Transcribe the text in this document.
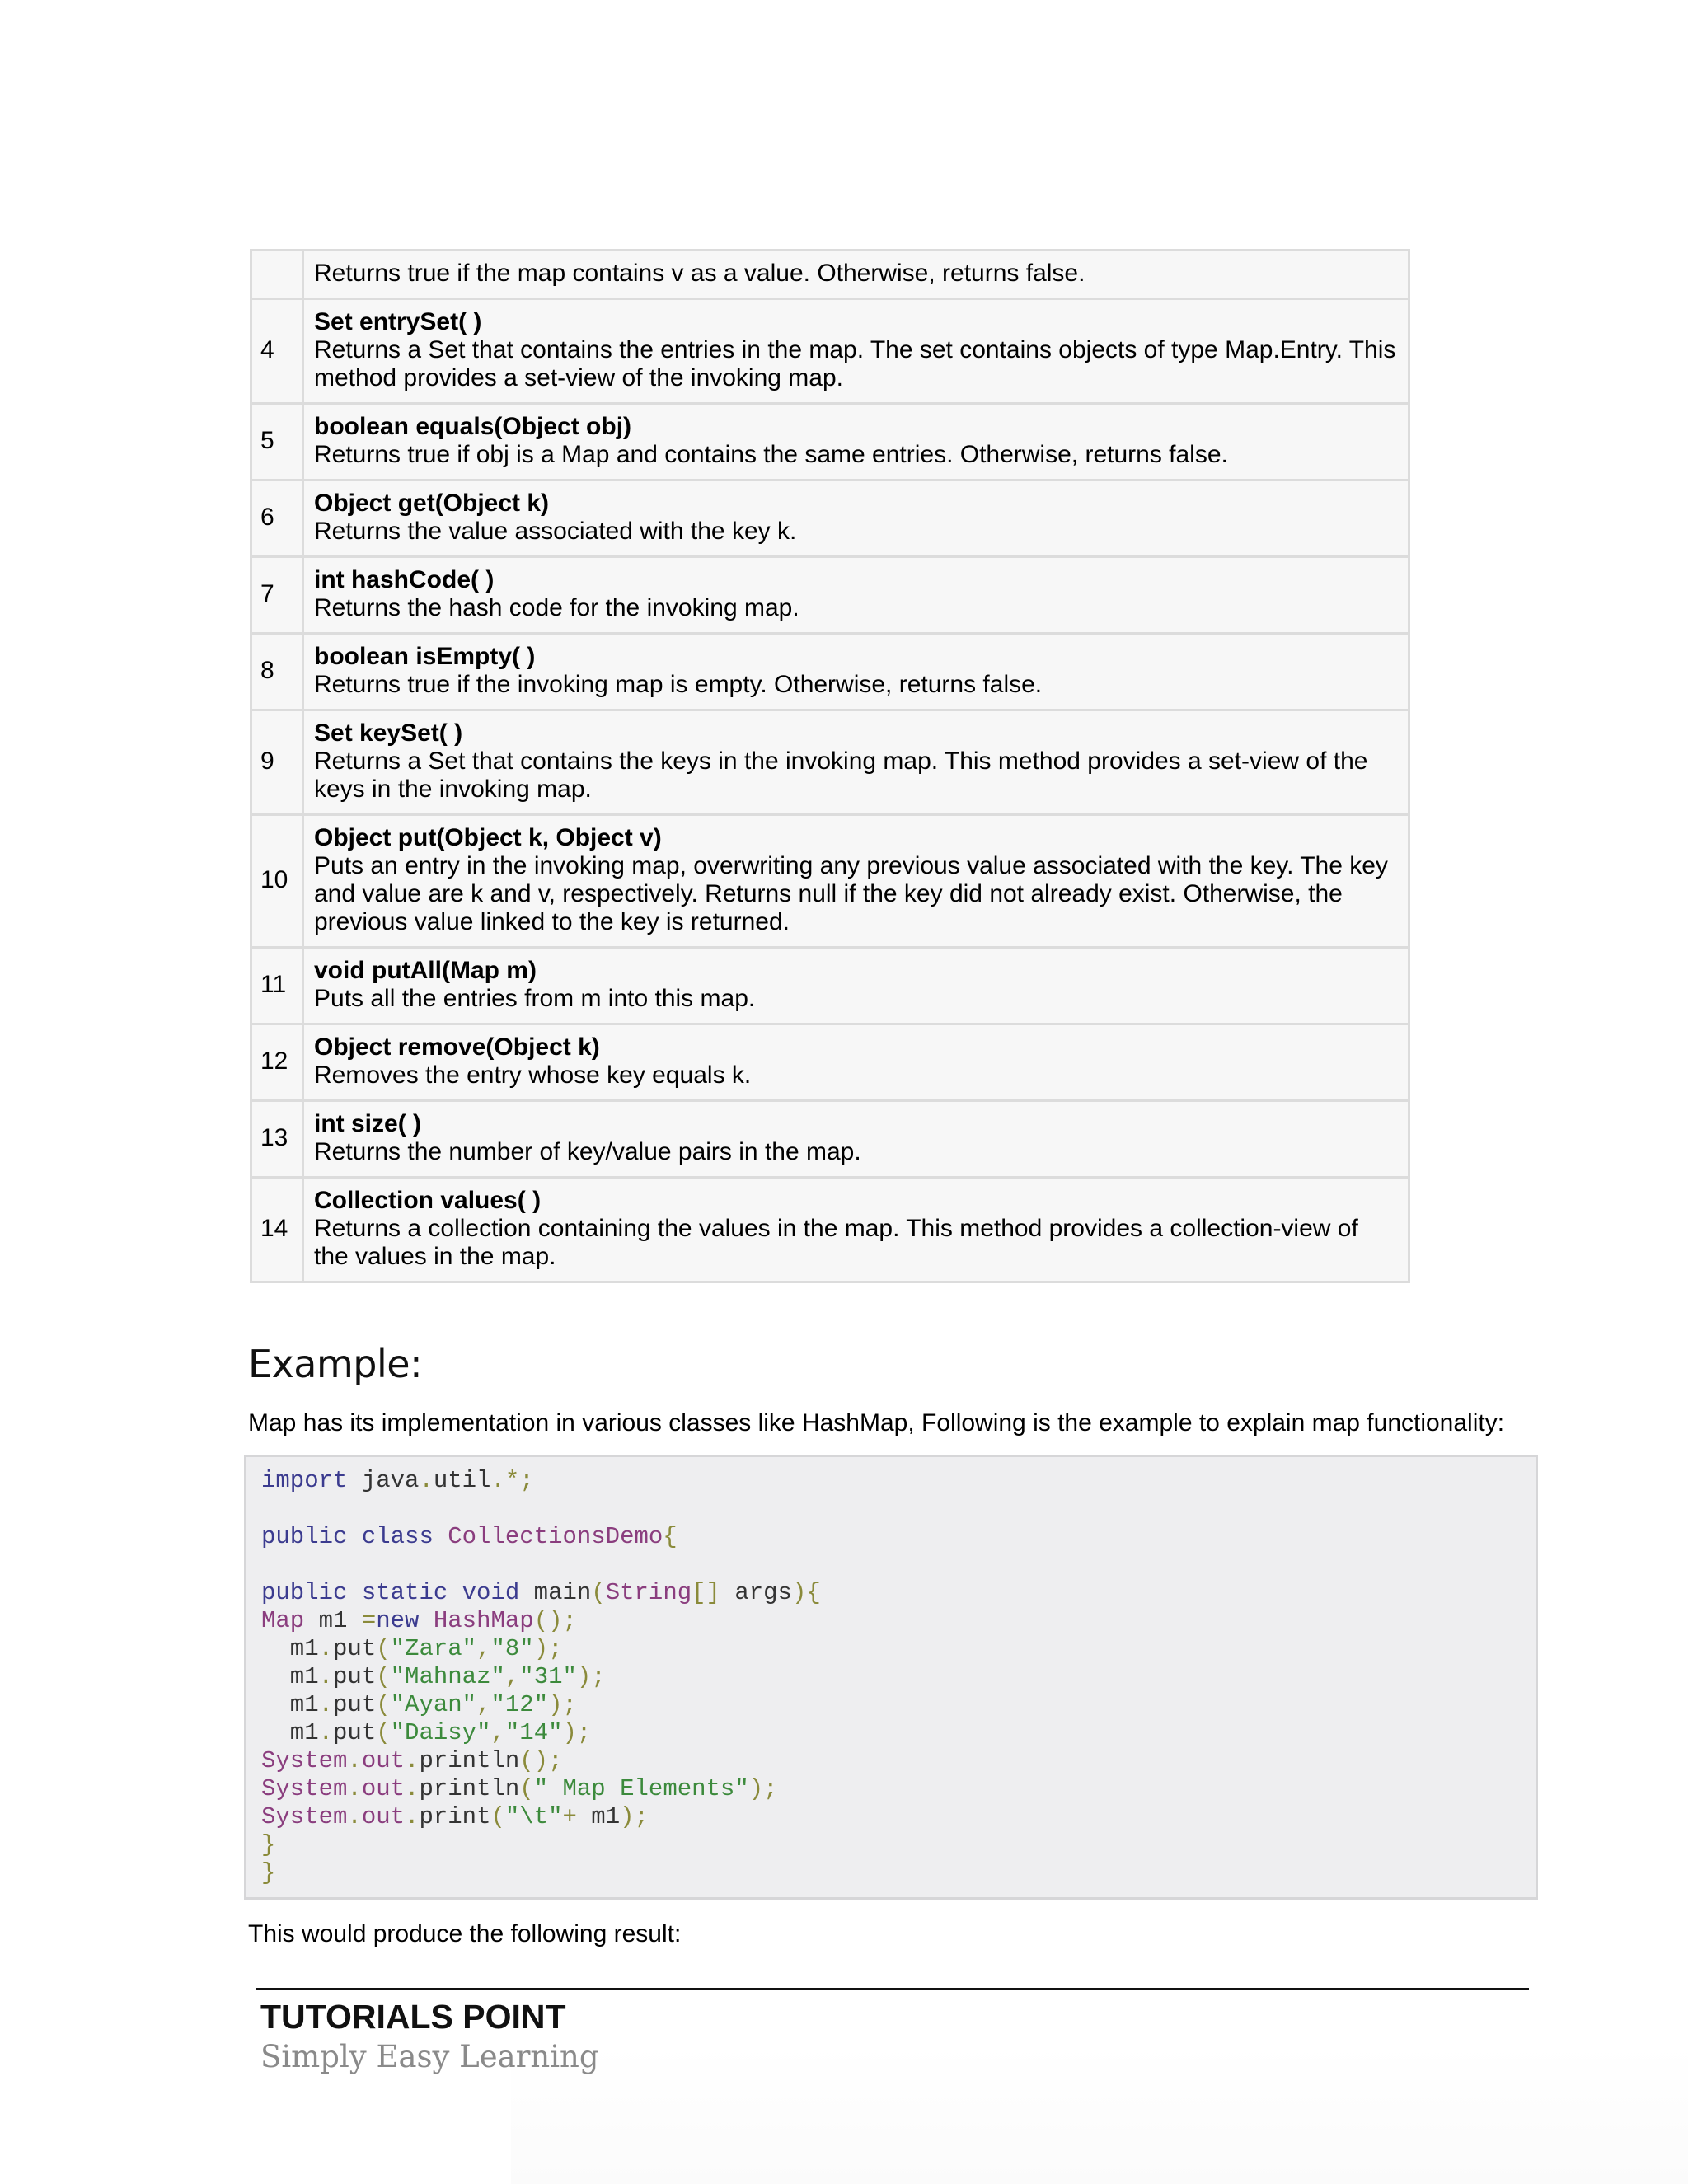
	Returns true if the map contains v as a value. Otherwise, returns false.

4	Set entrySet( )
Returns a Set that contains the entries in the map. The set contains objects of type Map.Entry. This method provides a set-view of the invoking map.

5	boolean equals(Object obj)
Returns true if obj is a Map and contains the same entries. Otherwise, returns false.

6	Object get(Object k)
Returns the value associated with the key k.

7	int hashCode( )
Returns the hash code for the invoking map.

8	boolean isEmpty( )
Returns true if the invoking map is empty. Otherwise, returns false.

9	Set keySet( )
Returns a Set that contains the keys in the invoking map. This method provides a set-view of the keys in the invoking map.

10	Object put(Object k, Object v)
Puts an entry in the invoking map, overwriting any previous value associated with the key. The key and value are k and v, respectively. Returns null if the key did not already exist. Otherwise, the previous value linked to the key is returned.

11	void putAll(Map m)
Puts all the entries from m into this map.

12	Object remove(Object k)
Removes the entry whose key equals k.

13	int size( )
Returns the number of key/value pairs in the map.

14	Collection values( )
Returns a collection containing the values in the map. This method provides a collection-view of the values in the map.
Example:
Map has its implementation in various classes like HashMap, Following is the example to explain map functionality:
import java.util.*;
public class CollectionsDemo{
public static void main(String[] args){
Map m1 =new HashMap();
m1.put("Zara","8");
m1.put("Mahnaz","31");
m1.put("Ayan","12");
m1.put("Daisy","14");
System.out.println();
System.out.println(" Map Elements");
System.out.print("\t"+ m1);
}
}
This would produce the following result:
TUTORIALS POINT
Simply Easy Learning
